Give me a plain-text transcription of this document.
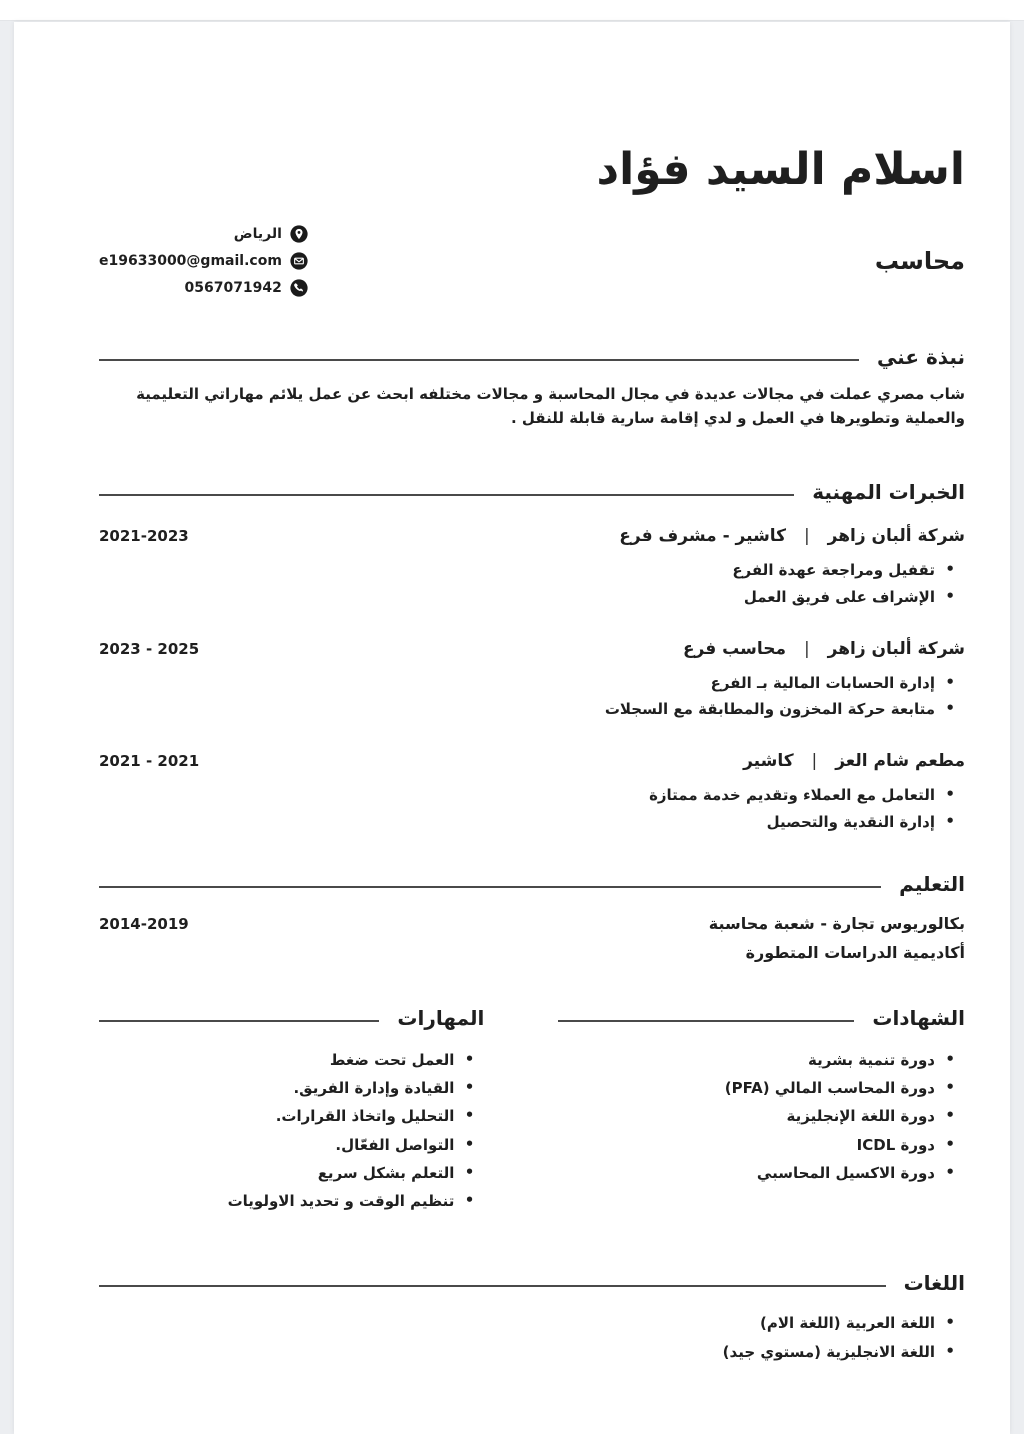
اسلام السيد فؤاد
محاسب
الرياض
e19633000@gmail.com
0567071942
نبذة عني

شاب مصري عملت في مجالات عديدة في مجال المحاسبة و مجالات مختلفه ابحث عن عمل يلائم مهاراتي التعليمية والعملية وتطويرها في العمل و لدي إقامة سارية قابلة للنقل .

الخبرات المهنية
شركة ألبان زاهر | كاشير - مشرف فرع
2021-2023
• تقفيل ومراجعة عهدة الفرع
• الإشراف على فريق العمل
شركة ألبان زاهر | محاسب فرع
2023 - 2025
• إدارة الحسابات المالية بـ الفرع
• متابعة حركة المخزون والمطابقة مع السجلات
مطعم شام العز | كاشير
2021 - 2021
• التعامل مع العملاء وتقديم خدمة ممتازة
• إدارة النقدية والتحصيل
التعليم
بكالوريوس تجارة - شعبة محاسبة
2014-2019
أكاديمية الدراسات المتطورة
الشهادات
• دورة تنمية بشرية
• دورة المحاسب المالي (PFA)
• دورة اللغة الإنجليزية
• دورة ICDL
• دورة الاكسيل المحاسبي
المهارات
• العمل تحت ضغط
• القيادة وإدارة الفريق.
• التحليل واتخاذ القرارات.
• التواصل الفعّال.
• التعلم بشكل سريع
• تنظيم الوقت و تحديد الاولويات
اللغات
• اللغة العربية (اللغة الام)
• اللغة الانجليزية (مستوي جيد)
